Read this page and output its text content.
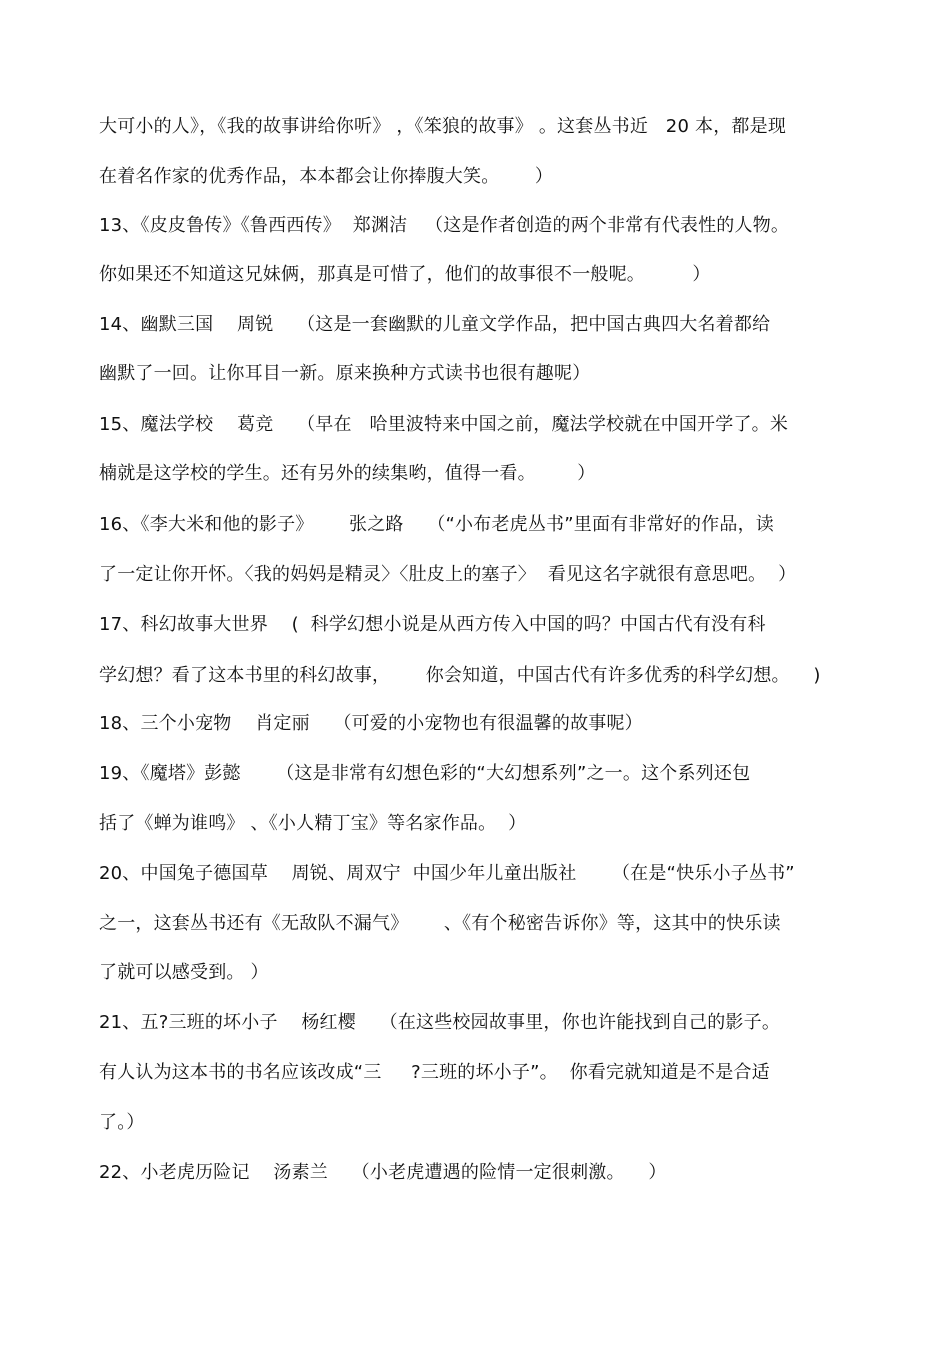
大可小的人》，《我的故事讲给你听》 ，《笨狼的故事》 。这套丛书近   20 本，都是现
在着名作家的优秀作品，本本都会让你捧腹大笑。      ）
13、《皮皮鲁传》《鲁西西传》  郑渊洁   （这是作者创造的两个非常有代表性的人物。
你如果还不知道这兄妹俩，那真是可惜了，他们的故事很不一般呢。        ）
14、幽默三国    周锐    （这是一套幽默的儿童文学作品，把中国古典四大名着都给
幽默了一回。让你耳目一新。原来换种方式读书也很有趣呢）
15、魔法学校    葛竞    （早在   哈里波特来中国之前，魔法学校就在中国开学了。米
楠就是这学校的学生。还有另外的续集哟，值得一看。       ）
16、《李大米和他的影子》      张之路    （“小布老虎丛书”里面有非常好的作品，读
了一定让你开怀。〈我的妈妈是精灵〉〈肚皮上的塞子〉  看见这名字就很有意思吧。  ）
17、科幻故事大世界    (  科学幻想小说是从西方传入中国的吗？中国古代有没有科
学幻想？看了这本书里的科幻故事，      你会知道，中国古代有许多优秀的科学幻想。    )
18、三个小宠物    肖定丽    （可爱的小宠物也有很温馨的故事呢）
19、《魔塔》彭懿      （这是非常有幻想色彩的“大幻想系列”之一。这个系列还包
括了《蝉为谁鸣》 、《小人精丁宝》等名家作品。  ）
20、中国兔子德国草    周锐、周双宁  中国少年儿童出版社      （在是“快乐小子丛书”
之一，这套丛书还有《无敌队不漏气》      、《有个秘密告诉你》等，这其中的快乐读
了就可以感受到。 ）
21、五?三班的坏小子    杨红樱    （在这些校园故事里，你也许能找到自己的影子。
有人认为这本书的书名应该改成“三     ?三班的坏小子”。  你看完就知道是不是合适
了。）
22、小老虎历险记    汤素兰    （小老虎遭遇的险情一定很刺激。    ）
